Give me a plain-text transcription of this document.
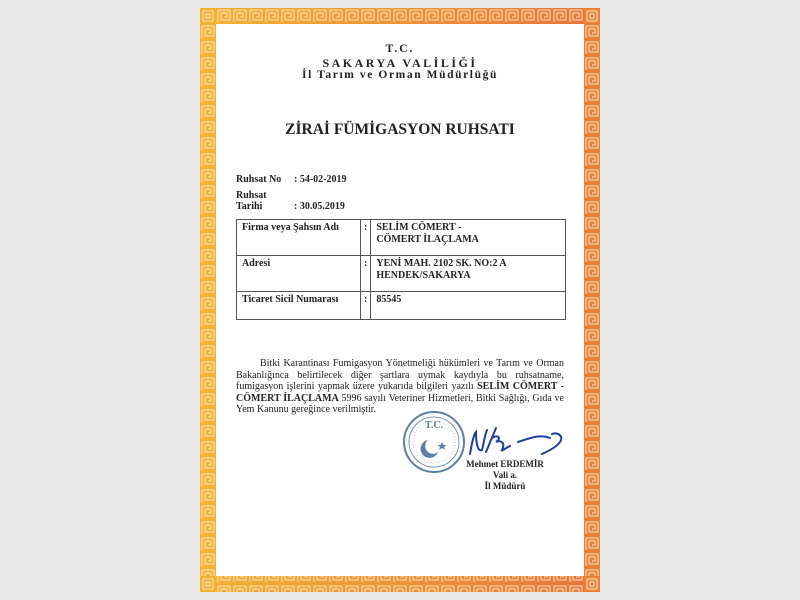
T.C.
SAKARYA VALİLİĞİ
İl Tarım ve Orman Müdürlüğü
ZİRAİ FÜMİGASYON RUHSATI
Ruhsat No : 54-02-2019
Ruhsat Tarihi	: 30.05.2019
Firma veya Şahsın Adı	:	SELİM CÖMERT -
CÖMERT İLAÇLAMA

Adresi	:	YENİ MAH. 2102 SK. NO:2 A
HENDEK/SAKARYA

Ticaret Sicil Numarası	:	85545
Bitki Karantinası Fumigasyon Yönetmeliği hükümleri ve Tarım ve Orman Bakanlığınca belirtilecek diğer şartlara uymak kaydıyla bu ruhsatname, fumigasyon işlerini yapmak üzere yukarıda bilgileri yazılı SELİM CÖMERT - CÖMERT İLAÇLAMA 5996 sayılı Veteriner Hizmetleri, Bitki Sağlığı, Gıda ve Yem Kanunu gereğince verilmiştir.
T.C.
Mehmet ERDEMİR
Vali a.
İl Müdürü
